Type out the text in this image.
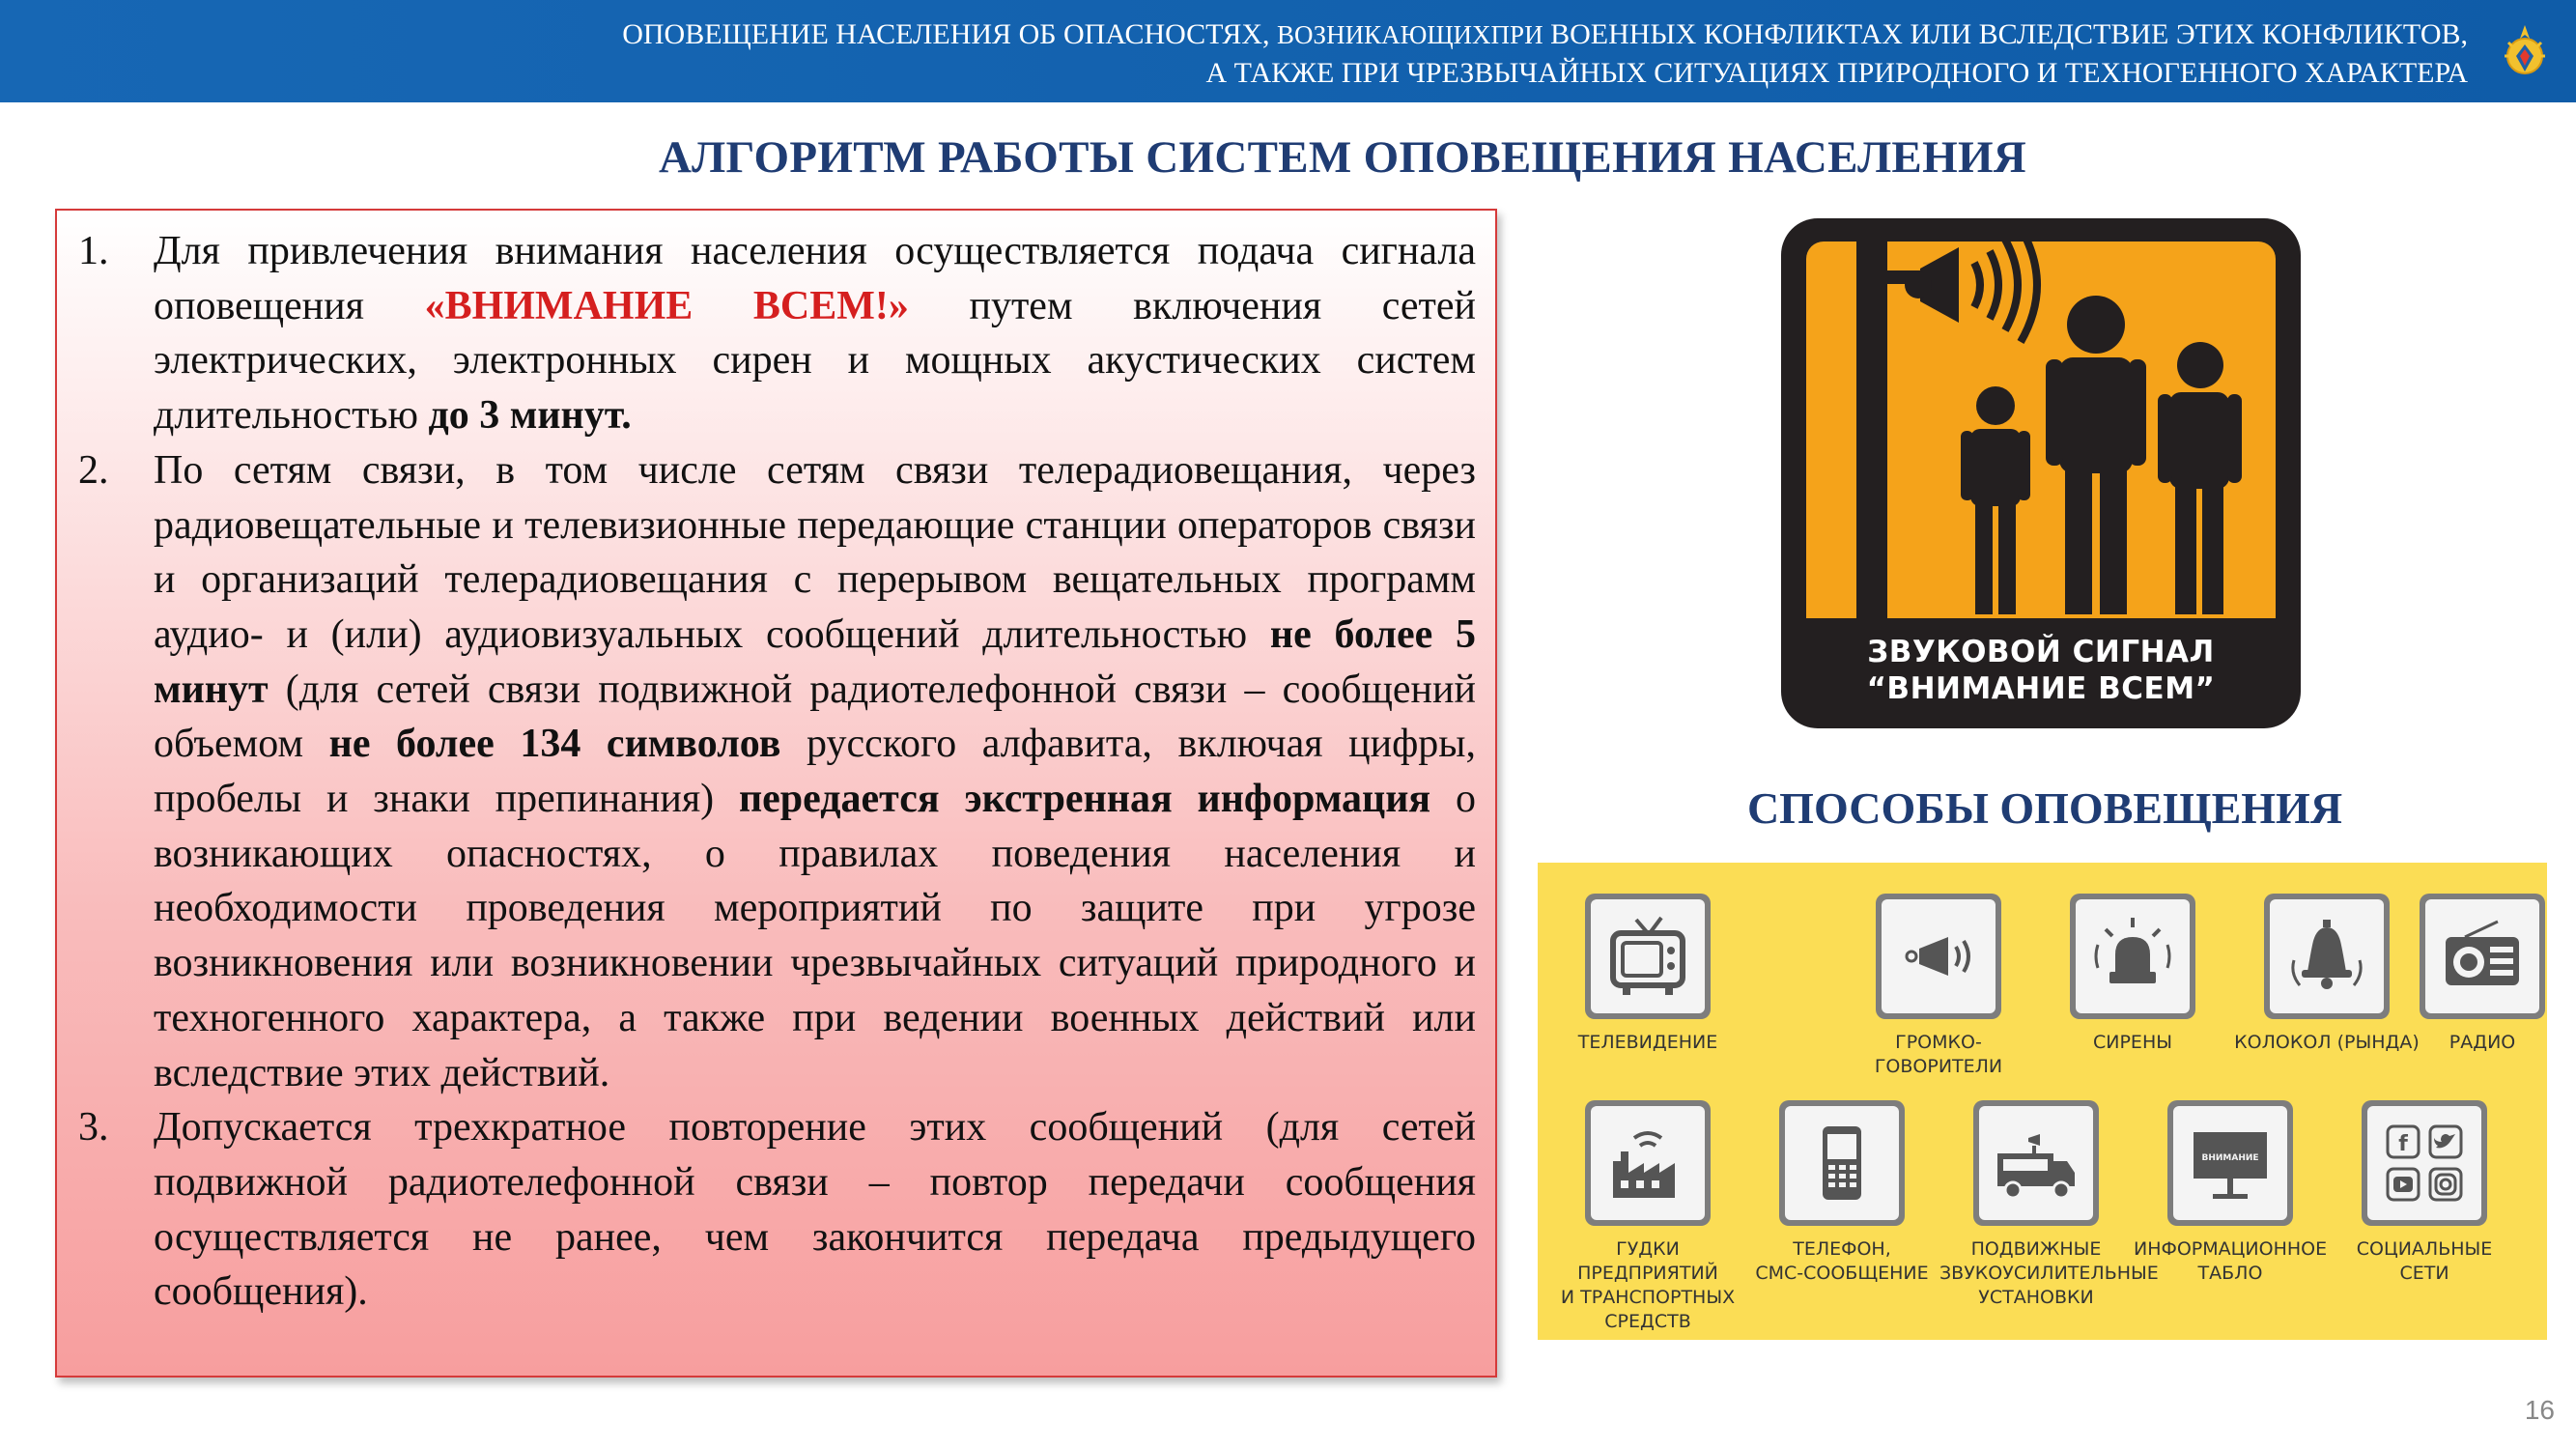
ОПОВЕЩЕНИЕ НАСЕЛЕНИЯ ОБ ОПАСНОСТЯХ, ВОЗНИКАЮЩИХПРИ ВОЕННЫХ КОНФЛИКТАХ ИЛИ ВСЛЕДСТВИЕ ЭТИХ КОНФЛИКТОВ,
А ТАКЖЕ ПРИ ЧРЕЗВЫЧАЙНЫХ СИТУАЦИЯХ ПРИРОДНОГО И ТЕХНОГЕННОГО ХАРАКТЕРА
АЛГОРИТМ РАБОТЫ СИСТЕМ ОПОВЕЩЕНИЯ НАСЕЛЕНИЯ
1. Для привлечения внимания населения осуществляется подача сигнала оповещения «ВНИМАНИЕ ВСЕМ!» путем включения сетей электрических, электронных сирен и мощных акустических систем длительностью до 3 минут.
2. По сетям связи, в том числе сетям связи телерадиовещания, через радиовещательные и телевизионные передающие станции операторов связи и организаций телерадиовещания с перерывом вещательных программ аудио- и (или) аудиовизуальных сообщений длительностью не более 5 минут (для сетей связи подвижной радиотелефонной связи – сообщений объемом не более 134 символов русского алфавита, включая цифры, пробелы и знаки препинания) передается экстренная информация о возникающих опасностях, о правилах поведения населения и необходимости проведения мероприятий по защите при угрозе возникновения или возникновении чрезвычайных ситуаций природного и техногенного характера, а также при ведении военных действий или вследствие этих действий.
3. Допускается трехкратное повторение этих сообщений (для сетей подвижной радиотелефонной связи – повтор передачи сообщения осуществляется не ранее, чем закончится передача предыдущего сообщения).
ЗВУКОВОЙ СИГНАЛ
“ВНИМАНИЕ ВСЕМ”
СПОСОБЫ ОПОВЕЩЕНИЯ
ТЕЛЕВИДЕНИЕ	ГРОМКО-
ГОВОРИТЕЛИ
СИРЕНЫ	КОЛОКОЛ (РЫНДА)	РАДИО
ГУДКИ ПРЕДПРИЯТИЙ
И ТРАНСПОРТНЫХ
СРЕДСТВ
ТЕЛЕФОН,
СМС-СООБЩЕНИЕ
ПОДВИЖНЫЕ
ЗВУКОУСИЛИТЕЛЬНЫЕ
УСТАНОВКИ
ВНИМАНИЕ
ИНФОРМАЦИОННОЕ
ТАБЛО
f
СОЦИАЛЬНЫЕ
СЕТИ
16
